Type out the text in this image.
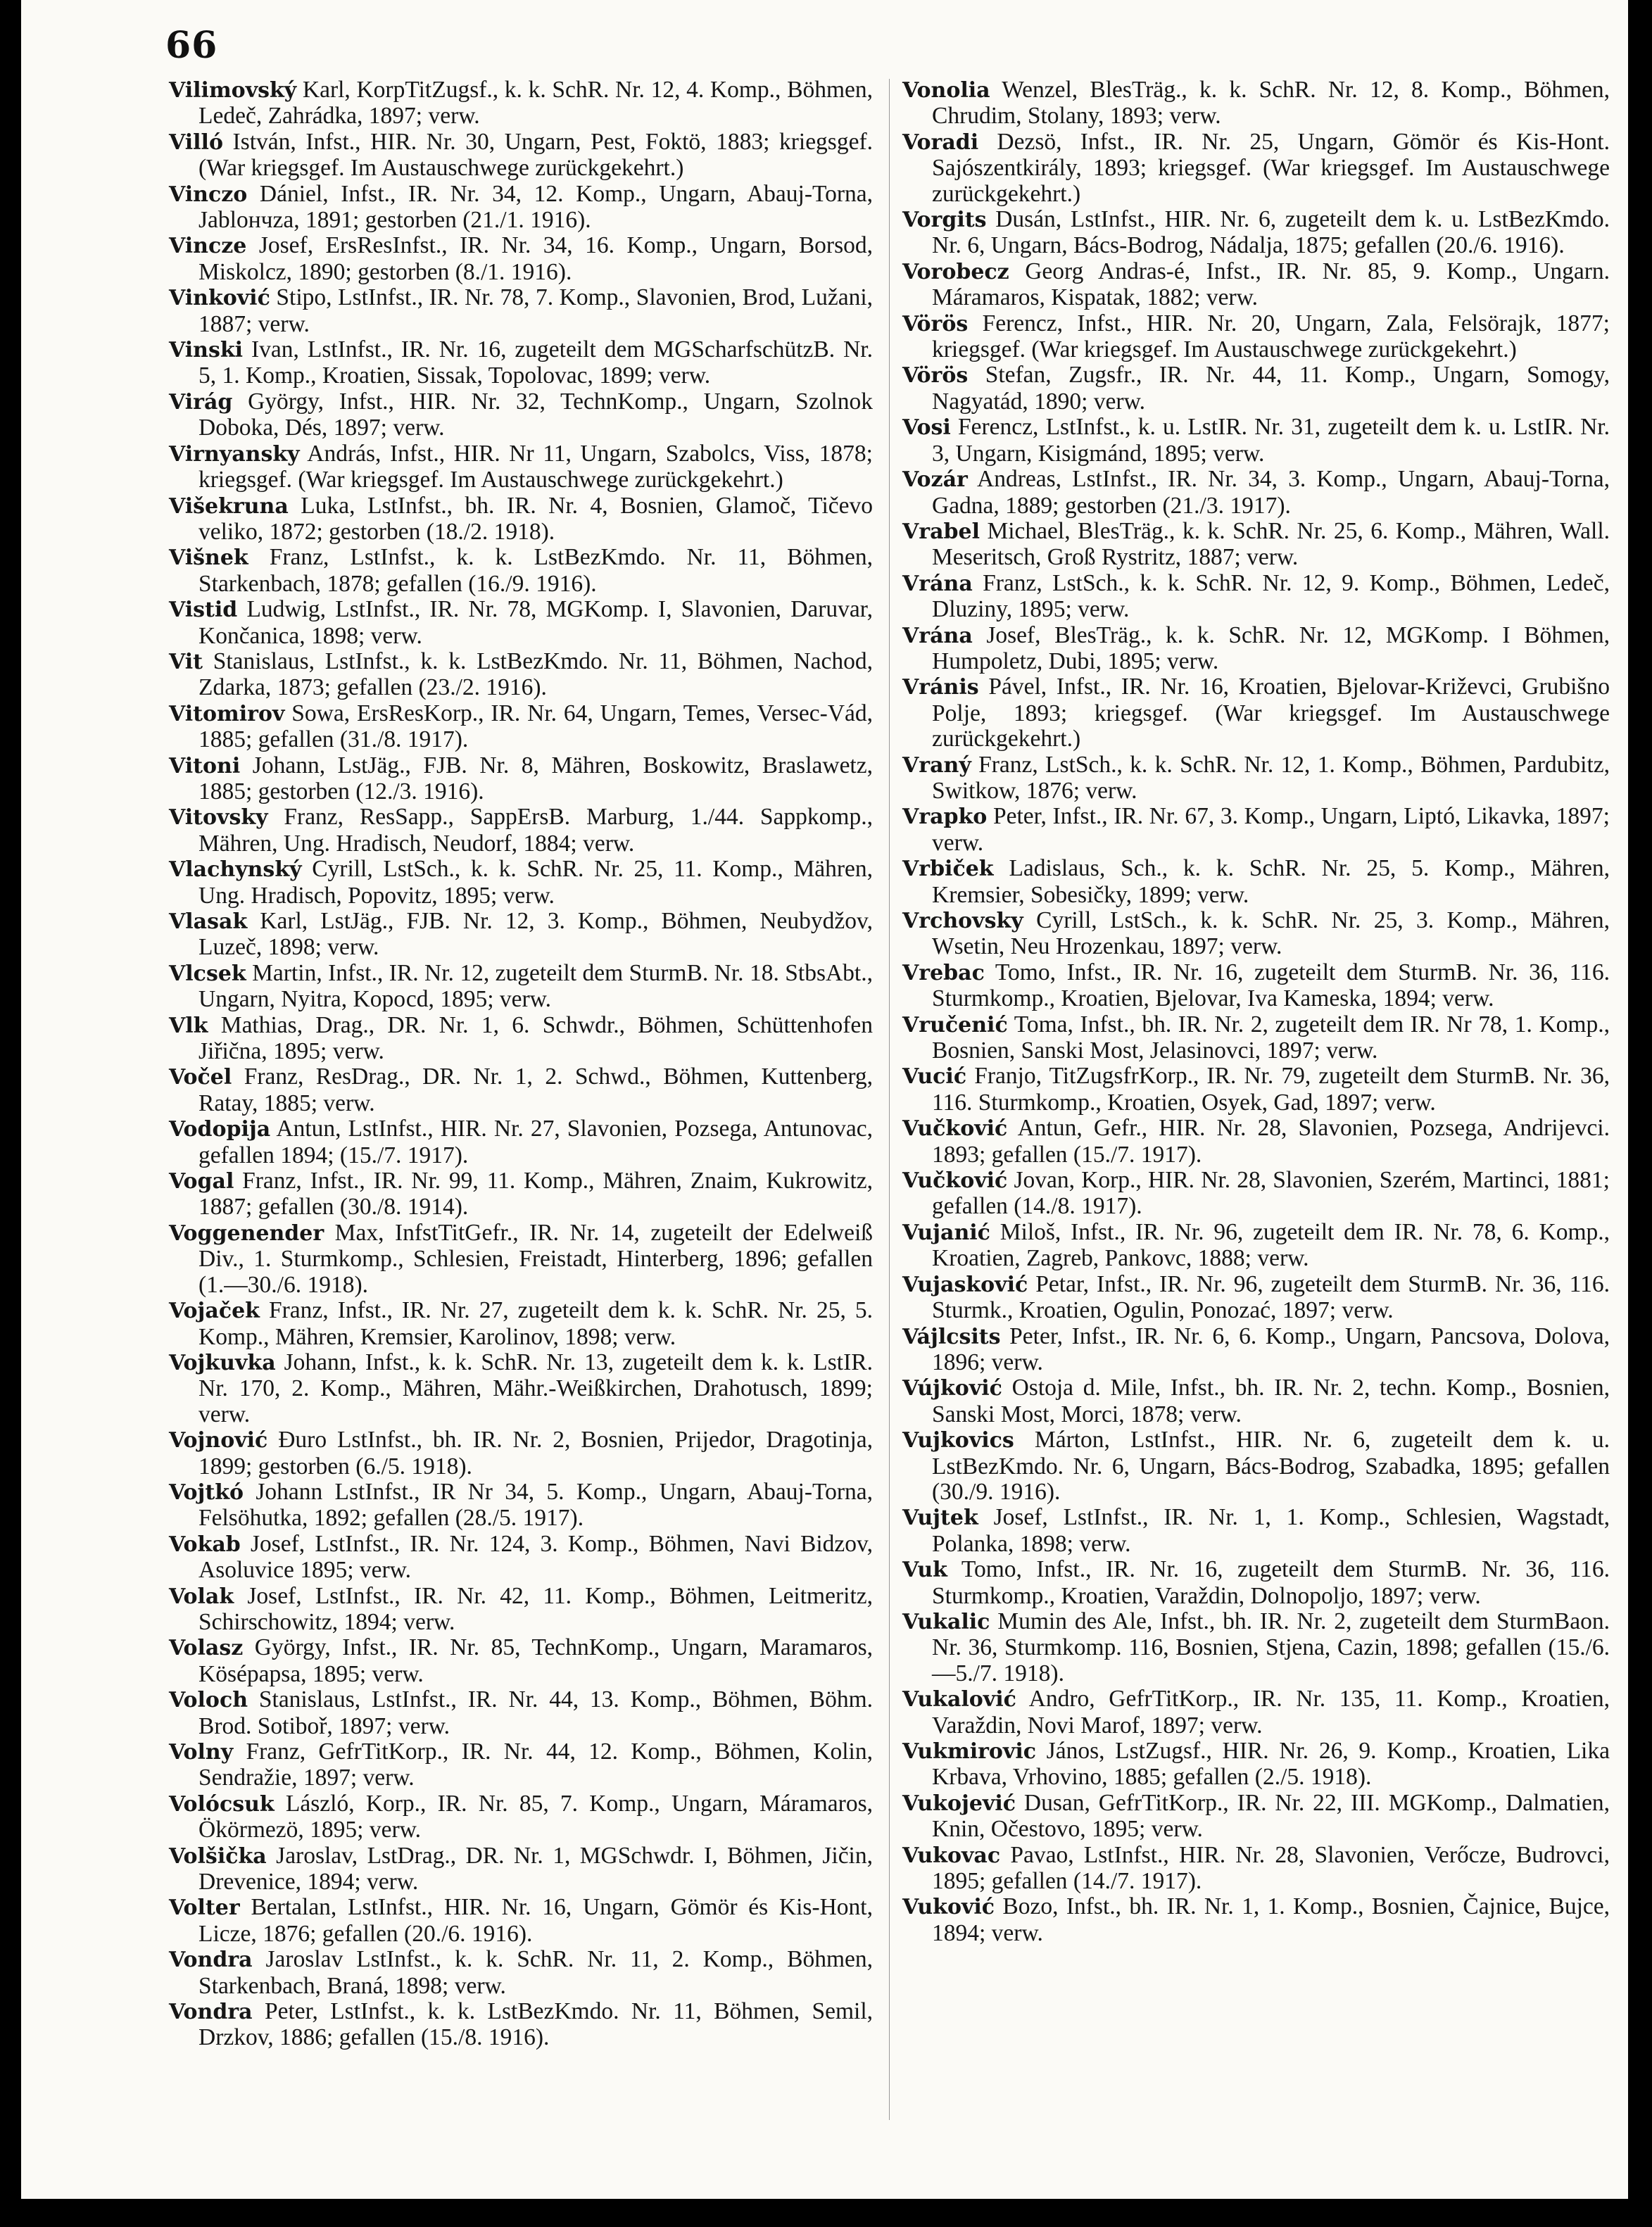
66

Vilimovský Karl, KorpTitZugsf., k. k. SchR. Nr. 12, 4. Komp., Böhmen, Ledeč, Zahrádka, 1897; verw.

Villó István, Infst., HIR. Nr. 30, Ungarn, Pest, Foktö, 1883; kriegsgef. (War kriegsgef. Im Austauschwege zurückgekehrt.)

Vinczo Dániel, Infst., IR. Nr. 34, 12. Komp., Ungarn, Abauj-Torna, Jablончza, 1891; gestorben (21./1. 1916).

Vincze Josef, ErsResInfst., IR. Nr. 34, 16. Komp., Ungarn, Borsod, Miskolcz, 1890; gestorben (8./1. 1916).

Vinković Stipo, LstInfst., IR. Nr. 78, 7. Komp., Slavonien, Brod, Lužani, 1887; verw.

Vinski Ivan, LstInfst., IR. Nr. 16, zugeteilt dem MGScharfschützB. Nr. 5, 1. Komp., Kroatien, Sissak, Topolovac, 1899; verw.

Virág György, Infst., HIR. Nr. 32, TechnKomp., Ungarn, Szolnok Doboka, Dés, 1897; verw.

Virnyansky András, Infst., HIR. Nr 11, Ungarn, Szabolcs, Viss, 1878; kriegsgef. (War kriegsgef. Im Austauschwege zurückgekehrt.)

Višekruna Luka, LstInfst., bh. IR. Nr. 4, Bosnien, Glamoč, Tičevo veliko, 1872; gestorben (18./2. 1918).

Višnek Franz, LstInfst., k. k. LstBezKmdo. Nr. 11, Böhmen, Starkenbach, 1878; gefallen (16./9. 1916).

Vistid Ludwig, LstInfst., IR. Nr. 78, MGKomp. I, Slavonien, Daruvar, Končanica, 1898; verw.

Vit Stanislaus, LstInfst., k. k. LstBezKmdo. Nr. 11, Böhmen, Nachod, Zdarka, 1873; gefallen (23./2. 1916).

Vitomirov Sowa, ErsResKorp., IR. Nr. 64, Ungarn, Temes, Versec-Vád, 1885; gefallen (31./8. 1917).

Vitoni Johann, LstJäg., FJB. Nr. 8, Mähren, Boskowitz, Braslawetz, 1885; gestorben (12./3. 1916).

Vitovsky Franz, ResSapp., SappErsB. Marburg, 1./44. Sappkomp., Mähren, Ung. Hradisch, Neudorf, 1884; verw.

Vlachynský Cyrill, LstSch., k. k. SchR. Nr. 25, 11. Komp., Mähren, Ung. Hradisch, Popovitz, 1895; verw.

Vlasak Karl, LstJäg., FJB. Nr. 12, 3. Komp., Böhmen, Neubydžov, Luzeč, 1898; verw.

Vlcsek Martin, Infst., IR. Nr. 12, zugeteilt dem SturmB. Nr. 18. StbsAbt., Ungarn, Nyitra, Kopосd, 1895; verw.

Vlk Mathias, Drag., DR. Nr. 1, 6. Schwdr., Böhmen, Schüttenhofen Jiřična, 1895; verw.

Vočel Franz, ResDrag., DR. Nr. 1, 2. Schwd., Böhmen, Kuttenberg, Ratay, 1885; verw.

Vodopija Antun, LstInfst., HIR. Nr. 27, Slavonien, Pozsega, Antunovac, gefallen 1894; (15./7. 1917).

Vogal Franz, Infst., IR. Nr. 99, 11. Komp., Mähren, Znaim, Kukrowitz, 1887; gefallen (30./8. 1914).

Voggenender Max, InfstTitGefr., IR. Nr. 14, zugeteilt der Edelweiß Div., 1. Sturmkomp., Schlesien, Freistadt, Hinterberg, 1896; gefallen (1.—30./6. 1918).

Vojaček Franz, Infst., IR. Nr. 27, zugeteilt dem k. k. SchR. Nr. 25, 5. Komp., Mähren, Kremsier, Karolinov, 1898; verw.

Vojkuvka Johann, Infst., k. k. SchR. Nr. 13, zugeteilt dem k. k. LstIR. Nr. 170, 2. Komp., Mähren, Mähr.-Weißkirchen, Drahotusch, 1899; verw.

Vojnović Đuro LstInfst., bh. IR. Nr. 2, Bosnien, Prijedor, Dragotinja, 1899; gestorben (6./5. 1918).

Vojtkó Johann LstInfst., IR Nr 34, 5. Komp., Ungarn, Abauj-Torna, Felsöhutka, 1892; gefallen (28./5. 1917).

Vokab Josef, LstInfst., IR. Nr. 124, 3. Komp., Böhmen, Navi Bidzov, Asoluvice 1895; verw.

Volak Josef, LstInfst., IR. Nr. 42, 11. Komp., Böhmen, Leitmeritz, Schirschowitz, 1894; verw.

Volasz György, Infst., IR. Nr. 85, TechnKomp., Ungarn, Maramaros, Kösépapsa, 1895; verw.

Voloch Stanislaus, LstInfst., IR. Nr. 44, 13. Komp., Böhmen, Böhm. Brod. Sotiboř, 1897; verw.

Volny Franz, GefrTitKorp., IR. Nr. 44, 12. Komp., Böhmen, Kolin, Sendražie, 1897; verw.

Volócsuk László, Korp., IR. Nr. 85, 7. Komp., Ungarn, Máramaros, Ökörmezö, 1895; verw.

Volšička Jaroslav, LstDrag., DR. Nr. 1, MGSchwdr. I, Böhmen, Jičin, Drevenice, 1894; verw.

Volter Bertalan, LstInfst., HIR. Nr. 16, Ungarn, Gömör és Kis-Hont, Licze, 1876; gefallen (20./6. 1916).

Vondra Jaroslav LstInfst., k. k. SchR. Nr. 11, 2. Komp., Böhmen, Starkenbach, Braná, 1898; verw.

Vondra Peter, LstInfst., k. k. LstBezKmdo. Nr. 11, Böhmen, Semil, Drzkov, 1886; gefallen (15./8. 1916).

Vonolia Wenzel, BlesTräg., k. k. SchR. Nr. 12, 8. Komp., Böhmen, Chrudim, Stolany, 1893; verw.

Voradi Dezsö, Infst., IR. Nr. 25, Ungarn, Gömör és Kis-Hont. Sajószentkirály, 1893; kriegsgef. (War kriegsgef. Im Austauschwege zurückgekehrt.)

Vorgits Dusán, LstInfst., HIR. Nr. 6, zugeteilt dem k. u. LstBezKmdo. Nr. 6, Ungarn, Bács-Bodrog, Nádalja, 1875; gefallen (20./6. 1916).

Vorobecz Georg Andras-é, Infst., IR. Nr. 85, 9. Komp., Ungarn. Máramaros, Kispatak, 1882; verw.

Vörös Ferencz, Infst., HIR. Nr. 20, Ungarn, Zala, Felsörajk, 1877; kriegsgef. (War kriegsgef. Im Austauschwege zurückgekehrt.)

Vörös Stefan, Zugsfr., IR. Nr. 44, 11. Komp., Ungarn, Somogy, Nagyatád, 1890; verw.

Vosi Ferencz, LstInfst., k. u. LstIR. Nr. 31, zugeteilt dem k. u. LstIR. Nr. 3, Ungarn, Kisigmánd, 1895; verw.

Vozár Andreas, LstInfst., IR. Nr. 34, 3. Komp., Ungarn, Abauj-Torna, Gadna, 1889; gestorben (21./3. 1917).

Vrabel Michael, BlesTräg., k. k. SchR. Nr. 25, 6. Komp., Mähren, Wall. Meseritsch, Groß Rystritz, 1887; verw.

Vrána Franz, LstSch., k. k. SchR. Nr. 12, 9. Komp., Böhmen, Ledeč, Dluziny, 1895; verw.

Vrána Josef, BlesTräg., k. k. SchR. Nr. 12, MGKomp. I Böhmen, Humpoletz, Dubi, 1895; verw.

Vránis Pável, Infst., IR. Nr. 16, Kroatien, Bjelovar-Križevci, Grubišno Polje, 1893; kriegsgef. (War kriegsgef. Im Austauschwege zurückgekehrt.)

Vraný Franz, LstSch., k. k. SchR. Nr. 12, 1. Komp., Böhmen, Pardubitz, Switkow, 1876; verw.

Vrapko Peter, Infst., IR. Nr. 67, 3. Komp., Ungarn, Liptó, Likavka, 1897; verw.

Vrbiček Ladislaus, Sch., k. k. SchR. Nr. 25, 5. Komp., Mähren, Kremsier, Sobesičky, 1899; verw.

Vrchovsky Cyrill, LstSch., k. k. SchR. Nr. 25, 3. Komp., Mähren, Wsetin, Neu Hrozenkau, 1897; verw.

Vrebac Tomo, Infst., IR. Nr. 16, zugeteilt dem SturmB. Nr. 36, 116. Sturmkomp., Kroatien, Bjelovar, Iva Kameska, 1894; verw.

Vručenić Toma, Infst., bh. IR. Nr. 2, zugeteilt dem IR. Nr 78, 1. Komp., Bosnien, Sanski Most, Jelasinovci, 1897; verw.

Vucić Franjo, TitZugsfrKorp., IR. Nr. 79, zugeteilt dem SturmB. Nr. 36, 116. Sturmkomp., Kroatien, Osyek, Gad, 1897; verw.

Vučković Antun, Gefr., HIR. Nr. 28, Slavonien, Pozsega, Andrijevci. 1893; gefallen (15./7. 1917).

Vučković Jovan, Korp., HIR. Nr. 28, Slavonien, Szerém, Martinci, 1881; gefallen (14./8. 1917).

Vujanić Miloš, Infst., IR. Nr. 96, zugeteilt dem IR. Nr. 78, 6. Komp., Kroatien, Zagreb, Pankovc, 1888; verw.

Vujasković Petar, Infst., IR. Nr. 96, zugeteilt dem SturmB. Nr. 36, 116. Sturmk., Kroatien, Ogulin, Ponozać, 1897; verw.

Vájlcsits Peter, Infst., IR. Nr. 6, 6. Komp., Ungarn, Pancsova, Dolova, 1896; verw.

Vújković Ostoja d. Mile, Infst., bh. IR. Nr. 2, techn. Komp., Bosnien, Sanski Most, Morci, 1878; verw.

Vujkovics Márton, LstInfst., HIR. Nr. 6, zugeteilt dem k. u. LstBezKmdo. Nr. 6, Ungarn, Bács-Bodrog, Szabadka, 1895; gefallen (30./9. 1916).

Vujtek Josef, LstInfst., IR. Nr. 1, 1. Komp., Schlesien, Wagstadt, Polanka, 1898; verw.

Vuk Tomo, Infst., IR. Nr. 16, zugeteilt dem SturmB. Nr. 36, 116. Sturmkomp., Kroatien, Varaždin, Dolnopoljo, 1897; verw.

Vukalic Mumin des Ale, Infst., bh. IR. Nr. 2, zugeteilt dem SturmBaon. Nr. 36, Sturmkomp. 116, Bosnien, Stjena, Cazin, 1898; gefallen (15./6.—5./7. 1918).

Vukalović Andro, GefrTitKorp., IR. Nr. 135, 11. Komp., Kroatien, Varaždin, Novi Marof, 1897; verw.

Vukmirovic János, LstZugsf., HIR. Nr. 26, 9. Komp., Kroatien, Lika Krbava, Vrhovino, 1885; gefallen (2./5. 1918).

Vukojević Dusan, GefrTitKorp., IR. Nr. 22, III. MGKomp., Dalmatien, Knin, Očestovo, 1895; verw.

Vukovac Pavao, LstInfst., HIR. Nr. 28, Slavonien, Verőcze, Budrovci, 1895; gefallen (14./7. 1917).

Vuković Bozo, Infst., bh. IR. Nr. 1, 1. Komp., Bosnien, Čajnice, Bujce, 1894; verw.
